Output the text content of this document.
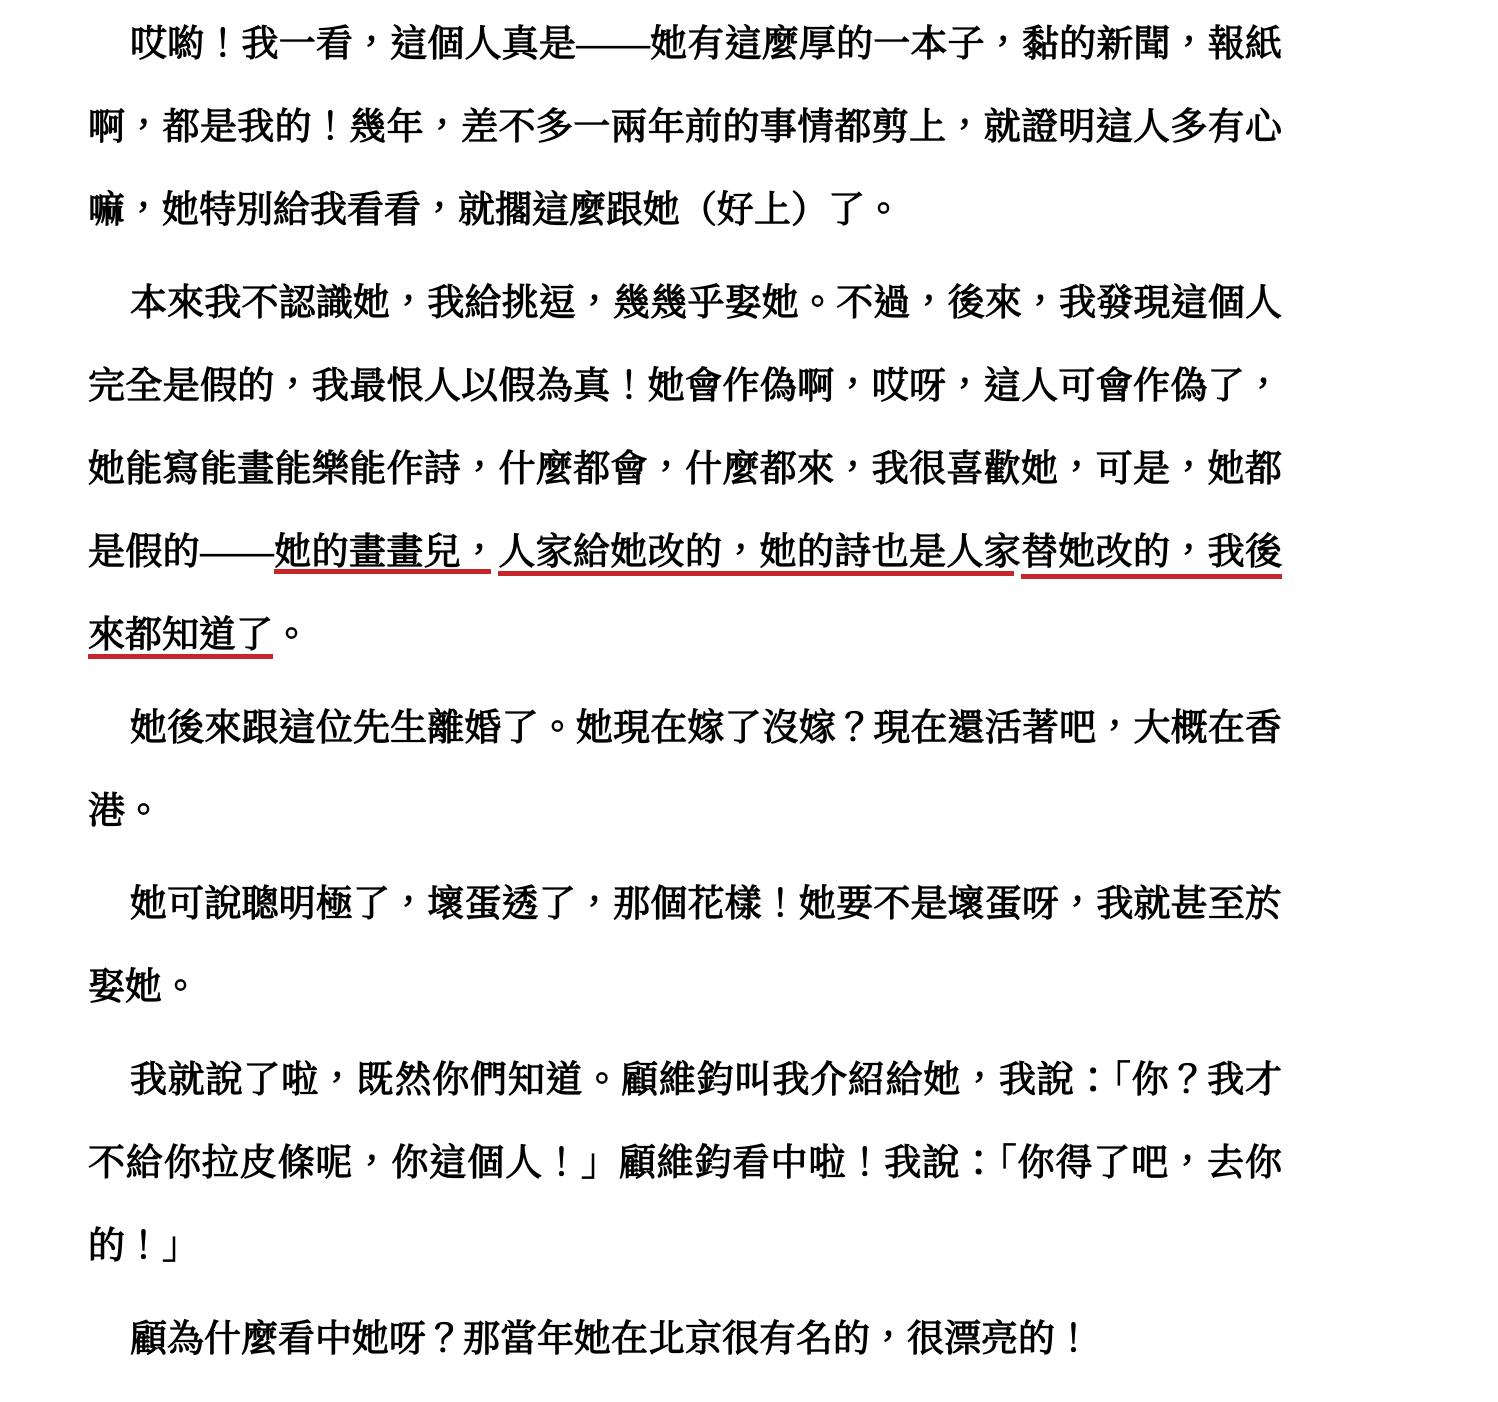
哎喲！我一看，這個人真是——她有這麼厚的一本子，黏的新聞，報紙
啊，都是我的！幾年，差不多一兩年前的事情都剪上，就證明這人多有心
嘛，她特別給我看看，就擱這麼跟她（好上）了。
本來我不認識她，我給挑逗，幾幾乎娶她。不過，後來，我發現這個人
完全是假的，我最恨人以假為真！她會作偽啊，哎呀，這人可會作偽了，
她能寫能畫能樂能作詩，什麼都會，什麼都來，我很喜歡她，可是，她都
是假的——她的畫畫兒，人家給她改的，她的詩也是人家替她改的，我後
來都知道了。
她後來跟這位先生離婚了。她現在嫁了沒嫁？現在還活著吧，大概在香
港。
她可說聰明極了，壞蛋透了，那個花樣！她要不是壞蛋呀，我就甚至於
娶她。
我就說了啦，既然你們知道。顧維鈞叫我介紹給她，我說：「你？我才
不給你拉皮條呢，你這個人！」顧維鈞看中啦！我說：「你得了吧，去你
的！」
顧為什麼看中她呀？那當年她在北京很有名的，很漂亮的！
